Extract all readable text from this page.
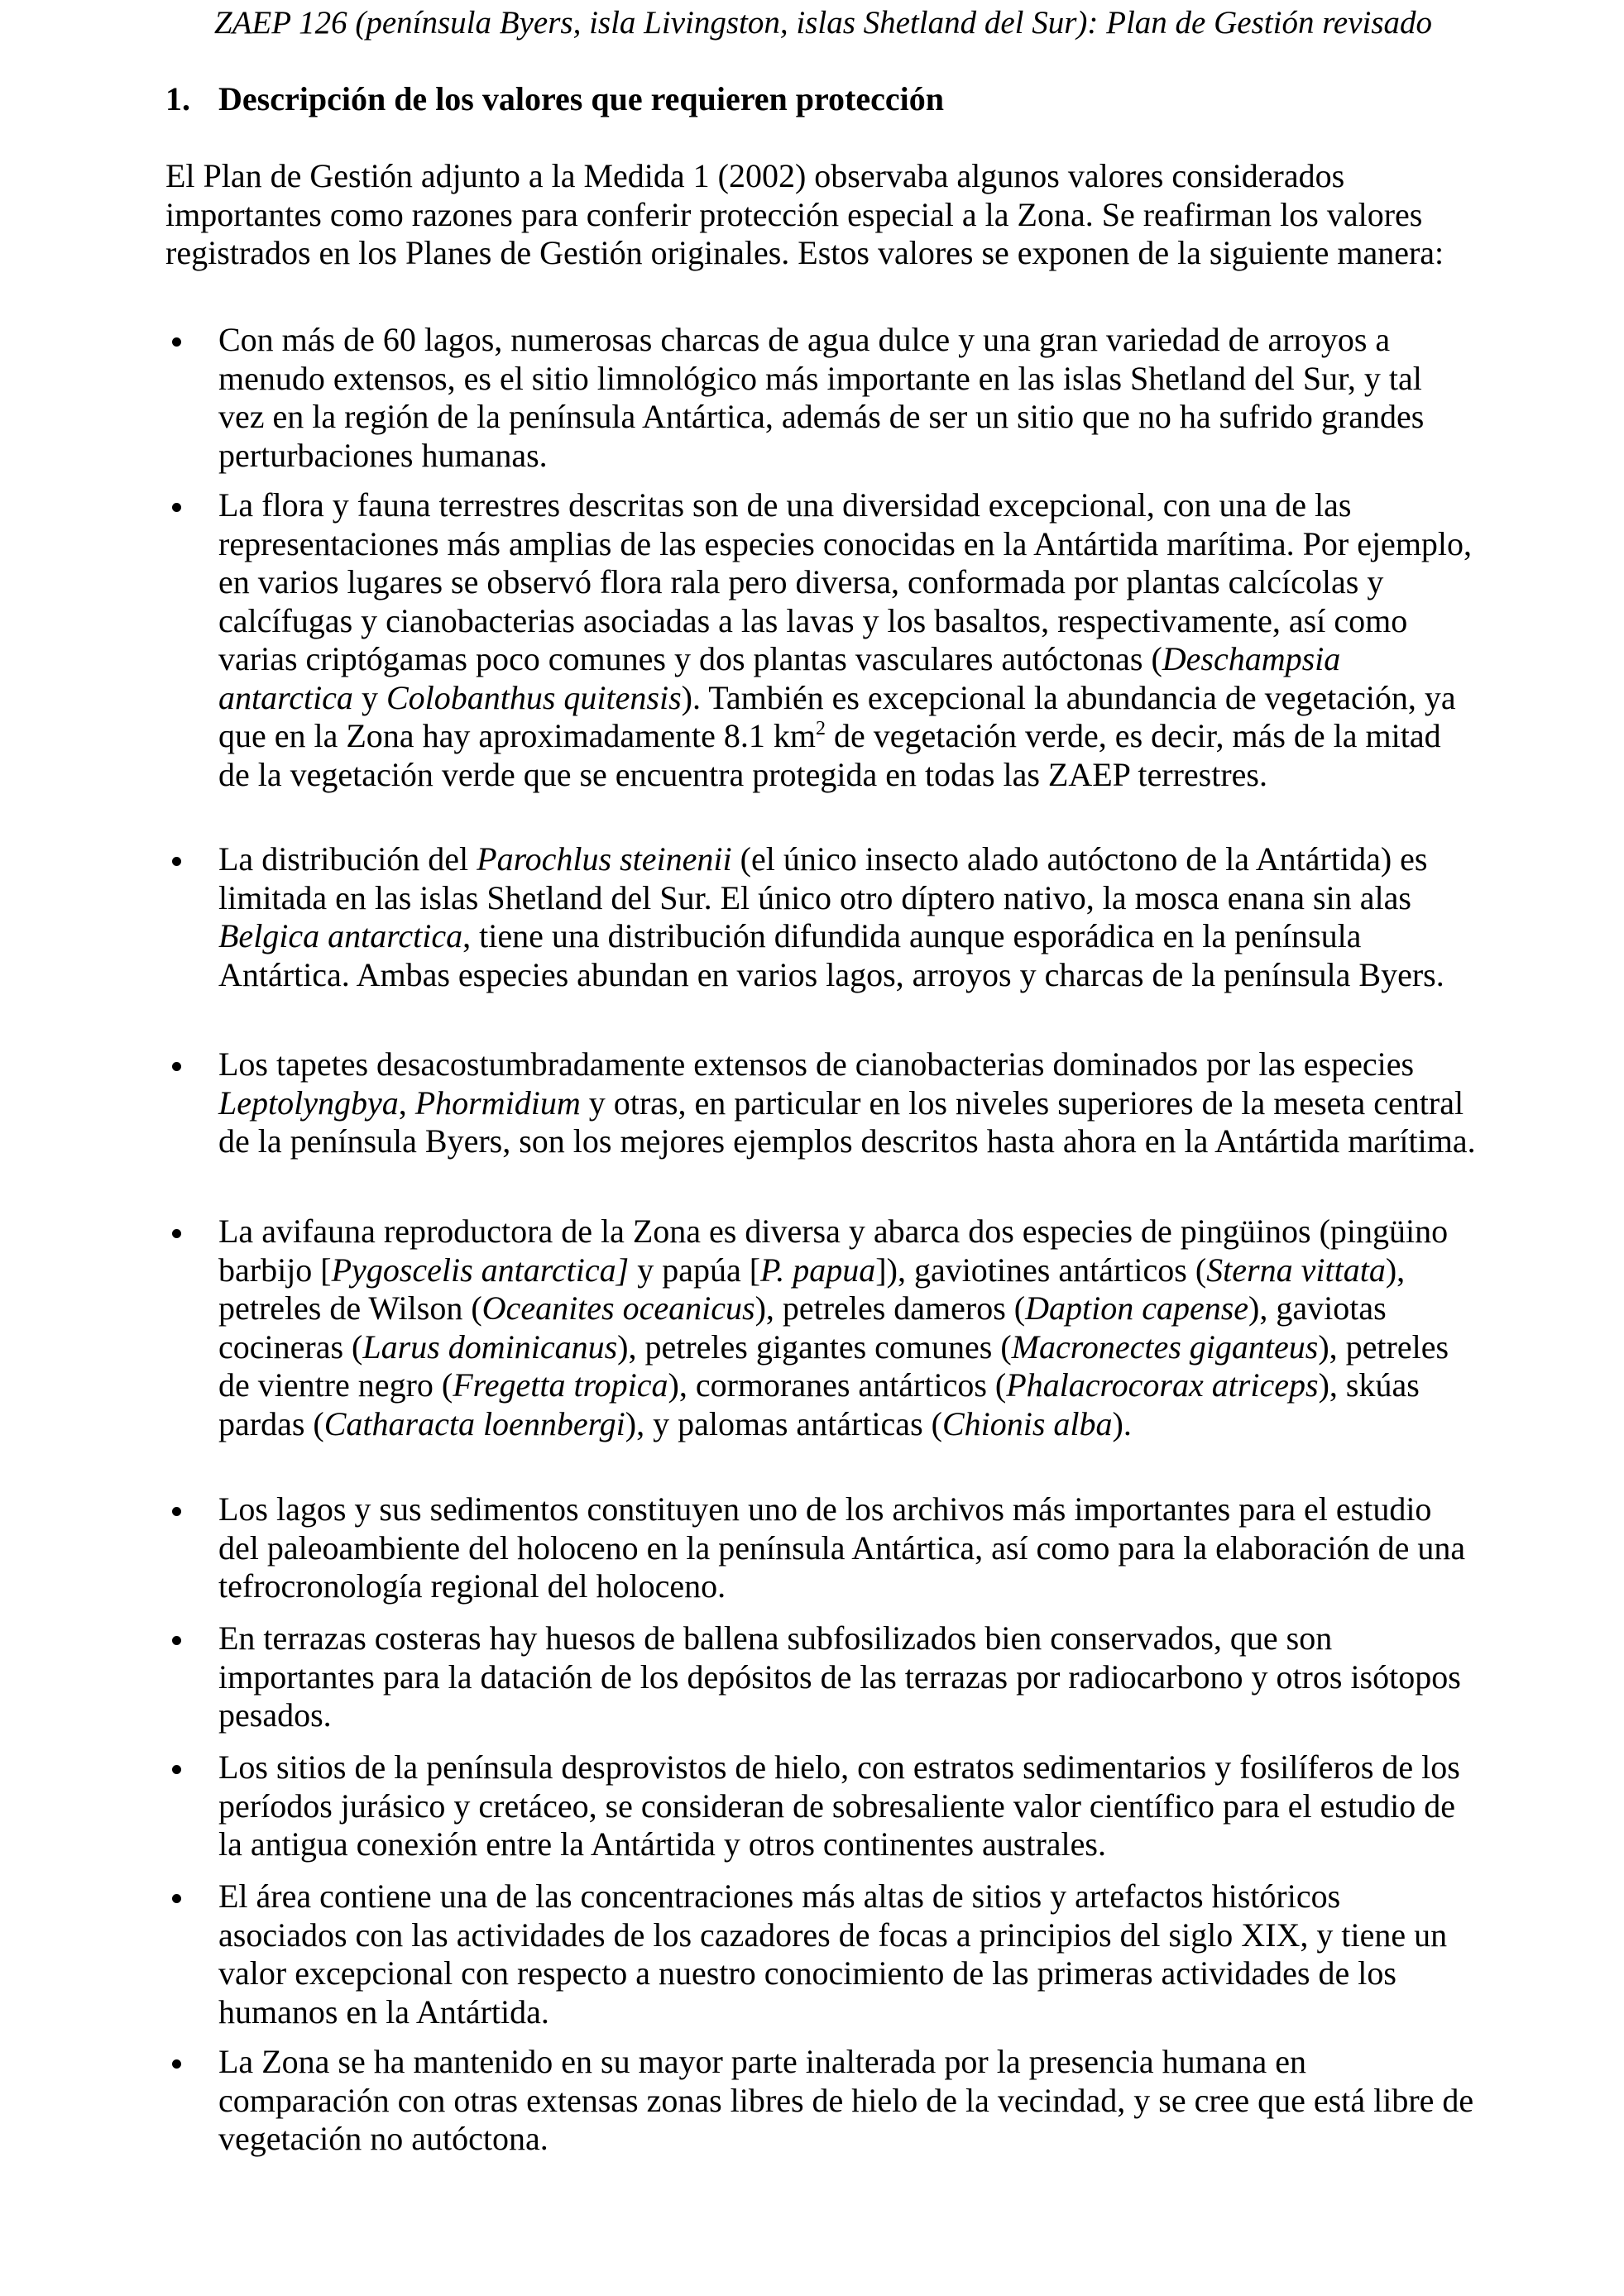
ZAEP 126 (península Byers, isla Livingston, islas Shetland del Sur): Plan de Gestión revisado
1. Descripción de los valores que requieren protección

El Plan de Gestión adjunto a la Medida 1 (2002) observaba algunos valores considerados importantes como razones para conferir protección especial a la Zona. Se reafirman los valores registrados en los Planes de Gestión originales. Estos valores se exponen de la siguiente manera:

Con más de 60 lagos, numerosas charcas de agua dulce y una gran variedad de arroyos a menudo extensos, es el sitio limnológico más importante en las islas Shetland del Sur, y tal vez en la región de la península Antártica, además de ser un sitio que no ha sufrido grandes perturbaciones humanas.
La flora y fauna terrestres descritas son de una diversidad excepcional, con una de las representaciones más amplias de las especies conocidas en la Antártida marítima. Por ejemplo, en varios lugares se observó flora rala pero diversa, conformada por plantas calcícolas y calcífugas y cianobacterias asociadas a las lavas y los basaltos, respectivamente, así como varias criptógamas poco comunes y dos plantas vasculares autóctonas (Deschampsia antarctica y Colobanthus quitensis). También es excepcional la abundancia de vegetación, ya que en la Zona hay aproximadamente 8.1 $km^2$ de vegetación verde, es decir, más de la mitad de la vegetación verde que se encuentra protegida en todas las ZAEP terrestres.
La distribución del Parochlus steinenii (el único insecto alado autóctono de la Antártida) es limitada en las islas Shetland del Sur. El único otro díptero nativo, la mosca enana sin alas Belgica antarctica, tiene una distribución difundida aunque esporádica en la península Antártica. Ambas especies abundan en varios lagos, arroyos y charcas de la península Byers.
Los tapetes desacostumbradamente extensos de cianobacterias dominados por las especies Leptolyngbya, Phormidium y otras, en particular en los niveles superiores de la meseta central de la península Byers, son los mejores ejemplos descritos hasta ahora en la Antártida marítima.
La avifauna reproductora de la Zona es diversa y abarca dos especies de pingüinos (pingüino barbijo [Pygoscelis antarctica] y papúa [P. papua]), gaviotines antárticos (Sterna vittata), petreles de Wilson (Oceanites oceanicus), petreles dameros (Daption capense), gaviotas cocineras (Larus dominicanus), petreles gigantes comunes (Macronectes giganteus), petreles de vientre negro (Fregetta tropica), cormoranes antárticos (Phalacrocorax atriceps), skúas pardas (Catharacta loennbergi), y palomas antárticas (Chionis alba).
Los lagos y sus sedimentos constituyen uno de los archivos más importantes para el estudio del paleoambiente del holoceno en la península Antártica, así como para la elaboración de una tefrocronología regional del holoceno.
En terrazas costeras hay huesos de ballena subfosilizados bien conservados, que son importantes para la datación de los depósitos de las terrazas por radiocarbono y otros isótopos pesados.
Los sitios de la península desprovistos de hielo, con estratos sedimentarios y fosilíferos de los períodos jurásico y cretáceo, se consideran de sobresaliente valor científico para el estudio de la antigua conexión entre la Antártida y otros continentes australes.
El área contiene una de las concentraciones más altas de sitios y artefactos históricos asociados con las actividades de los cazadores de focas a principios del siglo XIX, y tiene un valor excepcional con respecto a nuestro conocimiento de las primeras actividades de los humanos en la Antártida.
La Zona se ha mantenido en su mayor parte inalterada por la presencia humana en comparación con otras extensas zonas libres de hielo de la vecindad, y se cree que está libre de vegetación no autóctona.
